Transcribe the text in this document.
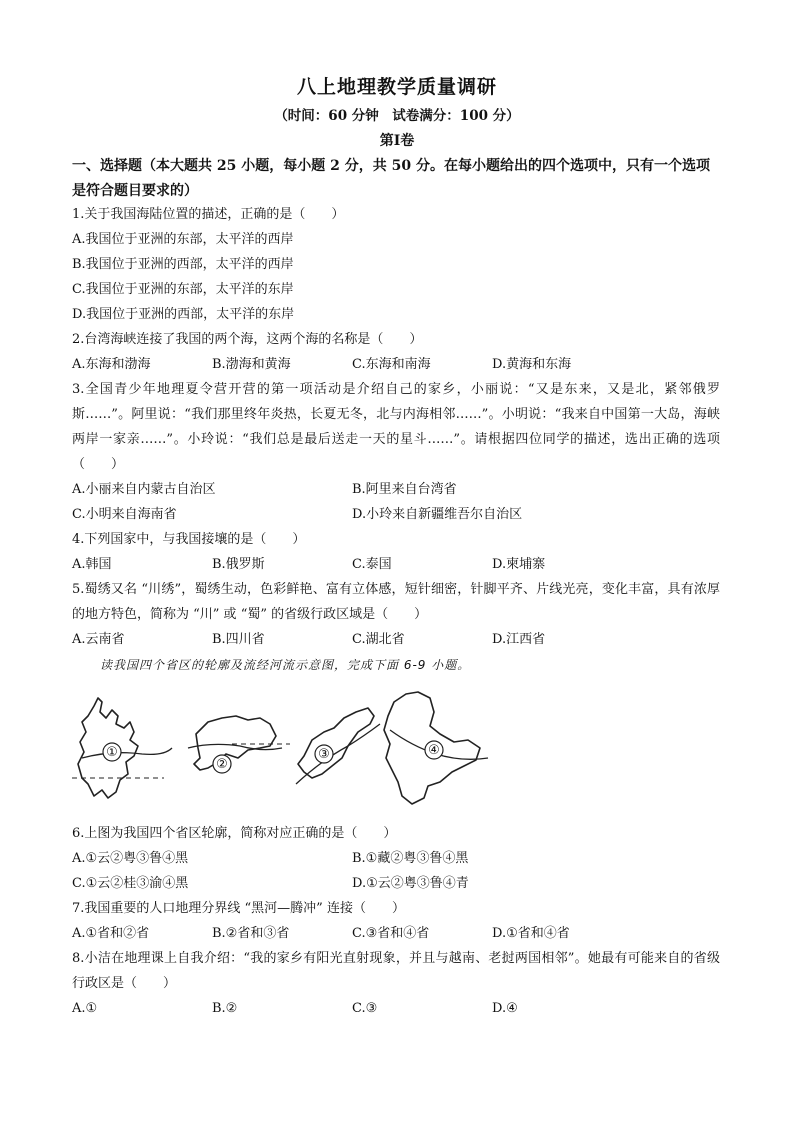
八上地理教学质量调研
（时间：60 分钟　试卷满分：100 分）
第Ⅰ卷
一、选择题（本大题共 25 小题，每小题 2 分，共 50 分。在每小题给出的四个选项中，只有一个选项是符合题目要求的）
1.关于我国海陆位置的描述，正确的是（　　）
A.我国位于亚洲的东部，太平洋的西岸
B.我国位于亚洲的西部，太平洋的西岸
C.我国位于亚洲的东部，太平洋的东岸
D.我国位于亚洲的西部，太平洋的东岸
2.台湾海峡连接了我国的两个海，这两个海的名称是（　　）
A.东海和渤海	B.渤海和黄海	C.东海和南海	D.黄海和东海
3.全国青少年地理夏令营开营的第一项活动是介绍自己的家乡，小丽说：“又是东来，又是北，紧邻俄罗斯……”。阿里说：“我们那里终年炎热，长夏无冬，北与内海相邻……”。小明说：“我来自中国第一大岛，海峡两岸一家亲……”。小玲说：“我们总是最后送走一天的星斗……”。请根据四位同学的描述，选出正确的选项（　　）
A.小丽来自内蒙古自治区	B.阿里来自台湾省
C.小明来自海南省	D.小玲来自新疆维吾尔自治区
4.下列国家中，与我国接壤的是（　　）
A.韩国	B.俄罗斯	C.泰国	D.柬埔寨
5.蜀绣又名 “川绣”，蜀绣生动，色彩鲜艳、富有立体感，短针细密，针脚平齐、片线光亮，变化丰富，具有浓厚的地方特色，简称为 “川” 或 “蜀” 的省级行政区域是（　　）
A.云南省	B.四川省	C.湖北省	D.江西省
读我国四个省区的轮廓及流经河流示意图，完成下面 6-9 小题。
①
②
③	④
6.上图为我国四个省区轮廓，简称对应正确的是（　　）
A.①云②粤③鲁④黑	B.①藏②粤③鲁④黑
C.①云②桂③渝④黑	D.①云②粤③鲁④青
7.我国重要的人口地理分界线 “黑河—腾冲” 连接（　　）
A.①省和②省	B.②省和③省	C.③省和④省	D.①省和④省
8.小洁在地理课上自我介绍：“我的家乡有阳光直射现象，并且与越南、老挝两国相邻”。她最有可能来自的省级行政区是（　　）
A.①	B.②	C.③	D.④
